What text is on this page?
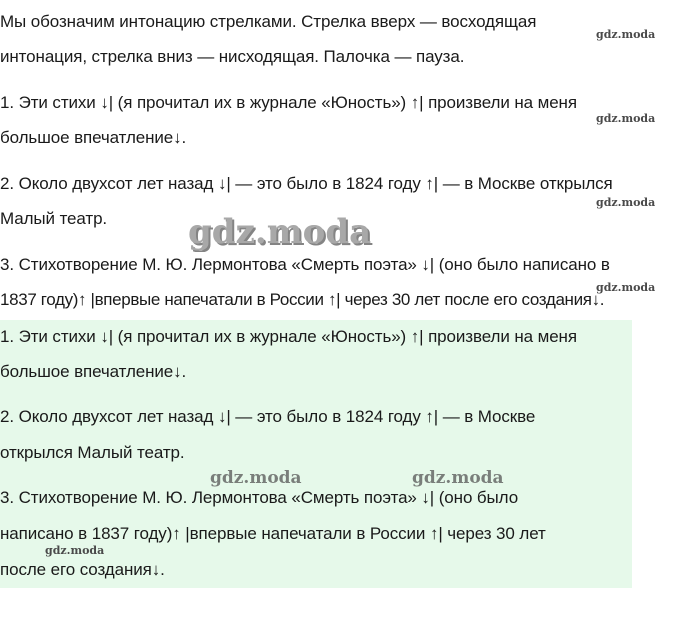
Мы обозначим интонацию стрелками. Стрелка вверх — восходящая
интонация, стрелка вниз — нисходящая. Палочка — пауза.
1. Эти стихи ↓| (я прочитал их в журнале «Юность») ↑| произвели на меня
большое впечатление↓.
2. Около двухсот лет назад ↓| — это было в 1824 году ↑| — в Москве открылся
Малый театр.
3. Стихотворение М. Ю. Лермонтова «Смерть поэта» ↓| (оно было написано в
1837 году)↑ |впервые напечатали в России ↑| через 30 лет после его создания↓.
1. Эти стихи ↓| (я прочитал их в журнале «Юность») ↑| произвели на меня
большое впечатление↓.
2. Около двухсот лет назад ↓| — это было в 1824 году ↑| — в Москве
открылся Малый театр.
3. Стихотворение М. Ю. Лермонтова «Смерть поэта» ↓| (оно было
написано в 1837 году)↑ |впервые напечатали в России ↑| через 30 лет
после его создания↓.
gdz.moda
gdz.moda
gdz.moda
gdz.moda
gdz.moda
gdz.moda	gdz.moda
gdz.moda
